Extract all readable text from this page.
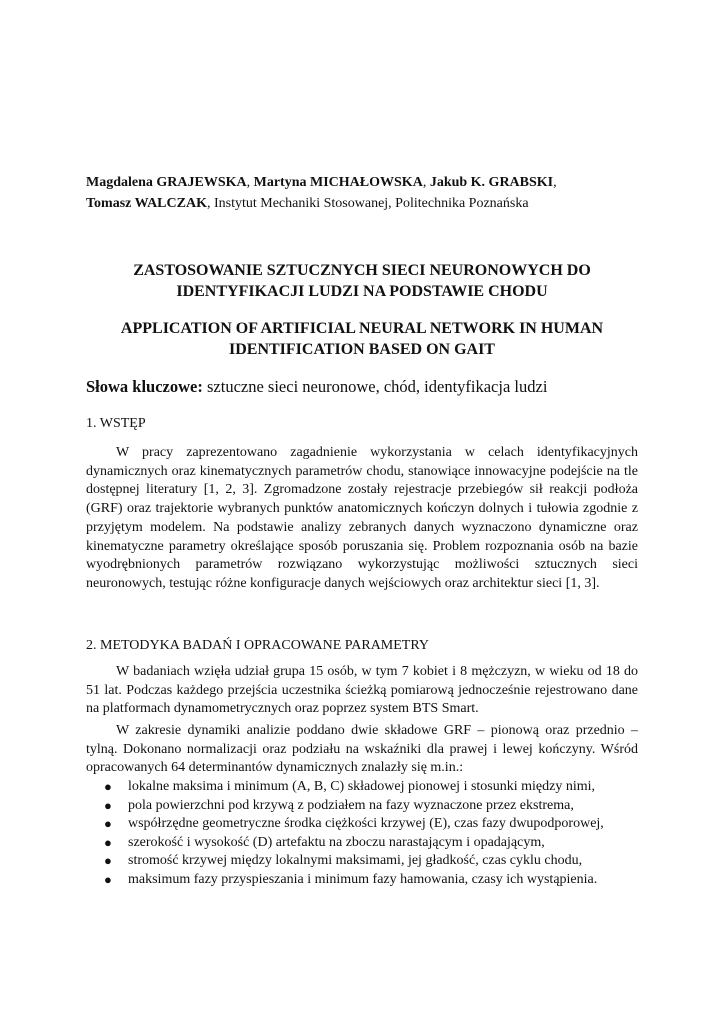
Magdalena GRAJEWSKA, Martyna MICHAŁOWSKA, Jakub K. GRABSKI,
Tomasz WALCZAK, Instytut Mechaniki Stosowanej, Politechnika Poznańska
ZASTOSOWANIE SZTUCZNYCH SIECI NEURONOWYCH DO IDENTYFIKACJI LUDZI NA PODSTAWIE CHODU
APPLICATION OF ARTIFICIAL NEURAL NETWORK IN HUMAN IDENTIFICATION BASED ON GAIT
Słowa kluczowe: sztuczne sieci neuronowe, chód, identyfikacja ludzi
1. WSTĘP

W pracy zaprezentowano zagadnienie wykorzystania w celach identyfikacyjnych dynamicznych oraz kinematycznych parametrów chodu, stanowiące innowacyjne podejście na tle dostępnej literatury [1, 2, 3]. Zgromadzone zostały rejestracje przebiegów sił reakcji podłoża (GRF) oraz trajektorie wybranych punktów anatomicznych kończyn dolnych i tułowia zgodnie z przyjętym modelem. Na podstawie analizy zebranych danych wyznaczono dynamiczne oraz kinematyczne parametry określające sposób poruszania się. Problem rozpoznania osób na bazie wyodrębnionych parametrów rozwiązano wykorzystując możliwości sztucznych sieci neuronowych, testując różne konfiguracje danych wejściowych oraz architektur sieci [1, 3].

2. METODYKA BADAŃ I OPRACOWANE PARAMETRY

W badaniach wzięła udział grupa 15 osób, w tym 7 kobiet i 8 mężczyzn, w wieku od 18 do 51 lat. Podczas każdego przejścia uczestnika ścieżką pomiarową jednocześnie rejestrowano dane na platformach dynamometrycznych oraz poprzez system BTS Smart.

W zakresie dynamiki analizie poddano dwie składowe GRF – pionową oraz przednio – tylną. Dokonano normalizacji oraz podziału na wskaźniki dla prawej i lewej kończyny. Wśród opracowanych 64 determinantów dynamicznych znalazły się m.in.:

● lokalne maksima i minimum (A, B, C) składowej pionowej i stosunki między nimi,
● pola powierzchni pod krzywą z podziałem na fazy wyznaczone przez ekstrema,
● współrzędne geometryczne środka ciężkości krzywej (E), czas fazy dwupodporowej,
● szerokość i wysokość (D) artefaktu na zboczu narastającym i opadającym,
● stromość krzywej między lokalnymi maksimami, jej gładkość, czas cyklu chodu,
● maksimum fazy przyspieszania i minimum fazy hamowania, czasy ich wystąpienia.
